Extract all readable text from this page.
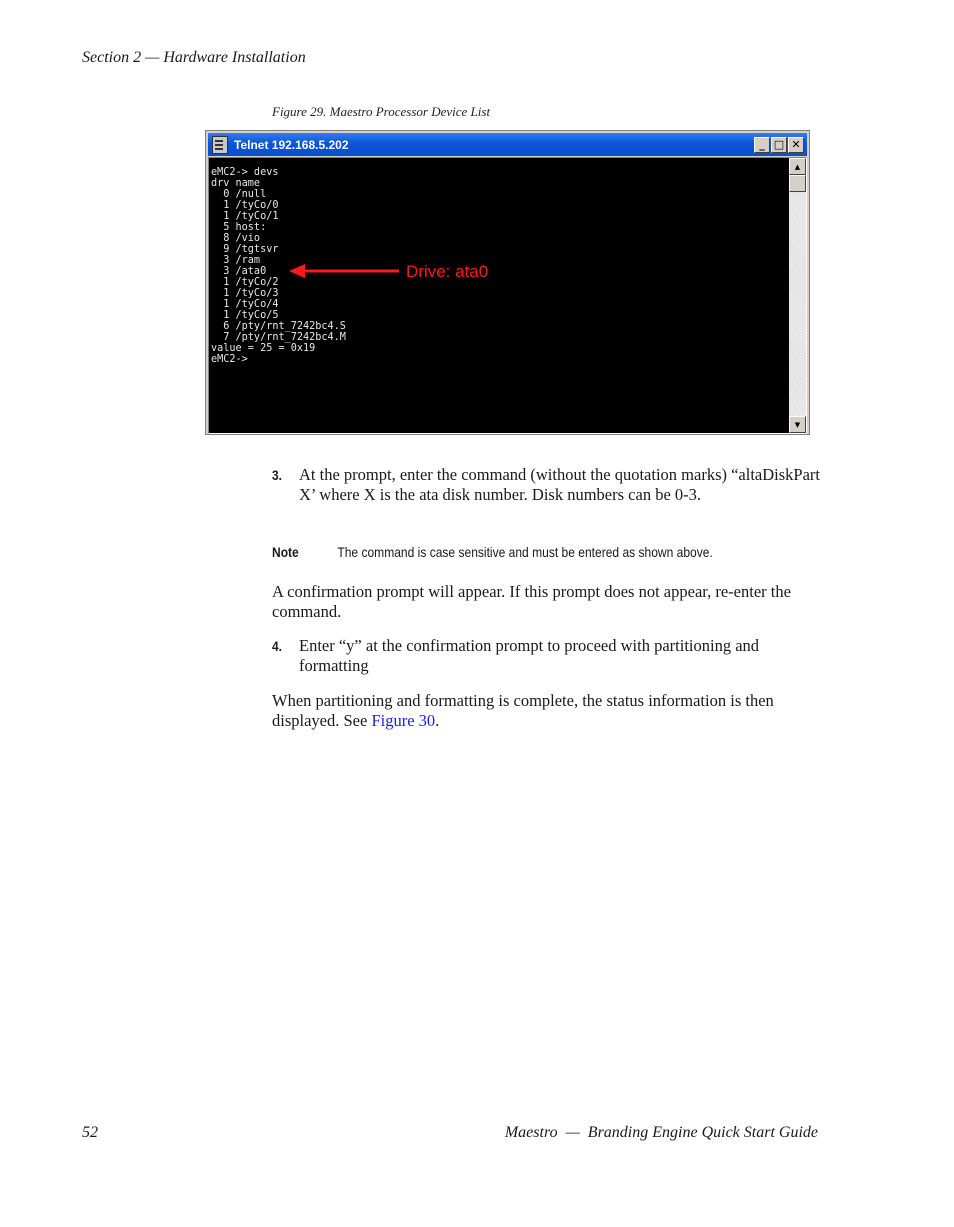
Section 2 — Hardware Installation
Figure 29. Maestro Processor Device List
Telnet 192.168.5.202	_ □ ✕
eMC2-> devs
drv name
0 /null
1 /tyCo/0
1 /tyCo/1
5 host:
8 /vio
9 /tgtsvr
3 /ram
3 /ata0
1 /tyCo/2
1 /tyCo/3
1 /tyCo/4
1 /tyCo/5
6 /pty/rnt_7242bc4.S
7 /pty/rnt_7242bc4.M
value = 25 = 0x19
eMC2->
Drive: ata0
▲
▼
3. At the prompt, enter the command (without the quotation marks) “altaDiskPart X’ where X is the ata disk number. Disk numbers can be 0-3.
Note	The command is case sensitive and must be entered as shown above.
A confirmation prompt will appear. If this prompt does not appear, re-enter the command.
4. Enter “y” at the confirmation prompt to proceed with partitioning and formatting
When partitioning and formatting is complete, the status information is then displayed. See Figure 30.
52	Maestro  —  Branding Engine Quick Start Guide
